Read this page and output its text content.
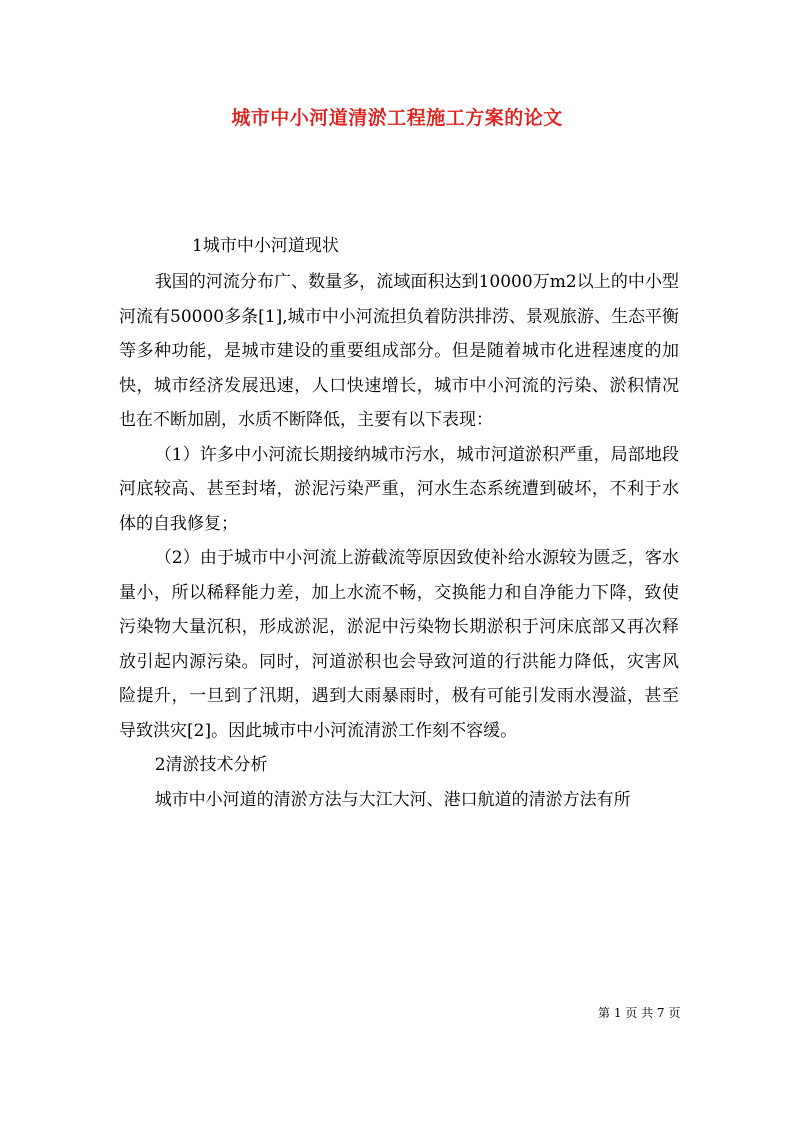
城市中小河道清淤工程施工方案的论文
1城市中小河道现状

我国的河流分布广、数量多，流域面积达到10000万m2以上的中小型河流有50000多条[1],城市中小河流担负着防洪排涝、景观旅游、生态平衡等多种功能，是城市建设的重要组成部分。但是随着城市化进程速度的加快，城市经济发展迅速，人口快速增长，城市中小河流的污染、淤积情况也在不断加剧，水质不断降低，主要有以下表现：

（1）许多中小河流长期接纳城市污水，城市河道淤积严重，局部地段河底较高、甚至封堵，淤泥污染严重，河水生态系统遭到破坏，不利于水体的自我修复；

（2）由于城市中小河流上游截流等原因致使补给水源较为匮乏，客水量小，所以稀释能力差，加上水流不畅，交换能力和自净能力下降，致使污染物大量沉积，形成淤泥，淤泥中污染物长期淤积于河床底部又再次释放引起内源污染。同时，河道淤积也会导致河道的行洪能力降低，灾害风险提升，一旦到了汛期，遇到大雨暴雨时，极有可能引发雨水漫溢，甚至导致洪灾[2]。因此城市中小河流清淤工作刻不容缓。

2清淤技术分析

城市中小河道的清淤方法与大江大河、港口航道的清淤方法有所

第 1 页 共 7 页
